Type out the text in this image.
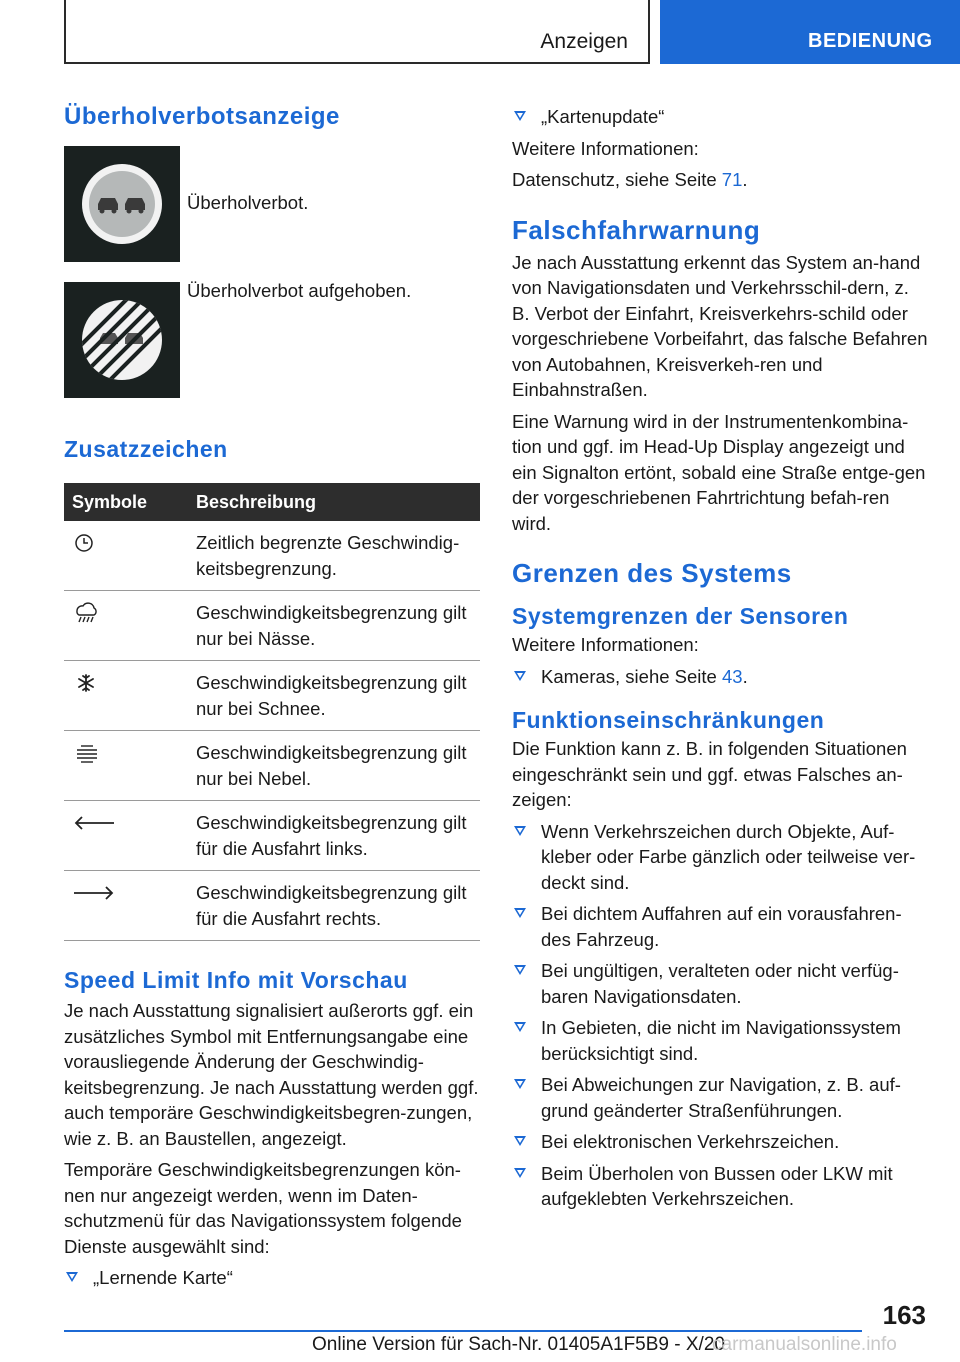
Anzeigen	BEDIENUNG
Überholverbotsanzeige
Überholverbot.
Überholverbot aufgehoben.
Zusatzzeichen
Symbole	Beschreibung

	Zeitlich begrenzte Geschwindig-keitsbegrenzung.

	Geschwindigkeitsbegrenzung gilt nur bei Nässe.

	Geschwindigkeitsbegrenzung gilt nur bei Schnee.

	Geschwindigkeitsbegrenzung gilt nur bei Nebel.

	Geschwindigkeitsbegrenzung gilt für die Ausfahrt links.

	Geschwindigkeitsbegrenzung gilt für die Ausfahrt rechts.
Speed Limit Info mit Vorschau

Je nach Ausstattung signalisiert außerorts ggf. ein zusätzliches Symbol mit Entfernungsangabe eine vorausliegende Änderung der Geschwindig-keitsbegrenzung. Je nach Ausstattung werden ggf. auch temporäre Geschwindigkeitsbegren-zungen, wie z. B. an Baustellen, angezeigt.

Temporäre Geschwindigkeitsbegrenzungen kön-nen nur angezeigt werden, wenn im Daten-schutzmenü für das Navigationssystem folgende Dienste ausgewählt sind:

„Lernende Karte“
„Kartenupdate“

Weitere Informationen:

Datenschutz, siehe Seite 71.

Falschfahrwarnung

Je nach Ausstattung erkennt das System an-hand von Navigationsdaten und Verkehrsschil-dern, z. B. Verbot der Einfahrt, Kreisverkehrs-schild oder vorgeschriebene Vorbeifahrt, das falsche Befahren von Autobahnen, Kreisverkeh-ren und Einbahnstraßen.

Eine Warnung wird in der Instrumentenkombina-tion und ggf. im Head-Up Display angezeigt und ein Signalton ertönt, sobald eine Straße entge-gen der vorgeschriebenen Fahrtrichtung befah-ren wird.

Grenzen des Systems
Systemgrenzen der Sensoren

Weitere Informationen:

Kameras, siehe Seite 43.
Funktionseinschränkungen

Die Funktion kann z. B. in folgenden Situationen eingeschränkt sein und ggf. etwas Falsches an-zeigen:

Wenn Verkehrszeichen durch Objekte, Auf-kleber oder Farbe gänzlich oder teilweise ver-deckt sind.
Bei dichtem Auffahren auf ein vorausfahren-des Fahrzeug.
Bei ungültigen, veralteten oder nicht verfüg-baren Navigationsdaten.
In Gebieten, die nicht im Navigationssystem berücksichtigt sind.
Bei Abweichungen zur Navigation, z. B. auf-grund geänderter Straßenführungen.
Bei elektronischen Verkehrszeichen.
Beim Überholen von Bussen oder LKW mit aufgeklebten Verkehrszeichen.
163
Online Version für Sach-Nr. 01405A1F5B9 - X/20
carmanualsonline.info
